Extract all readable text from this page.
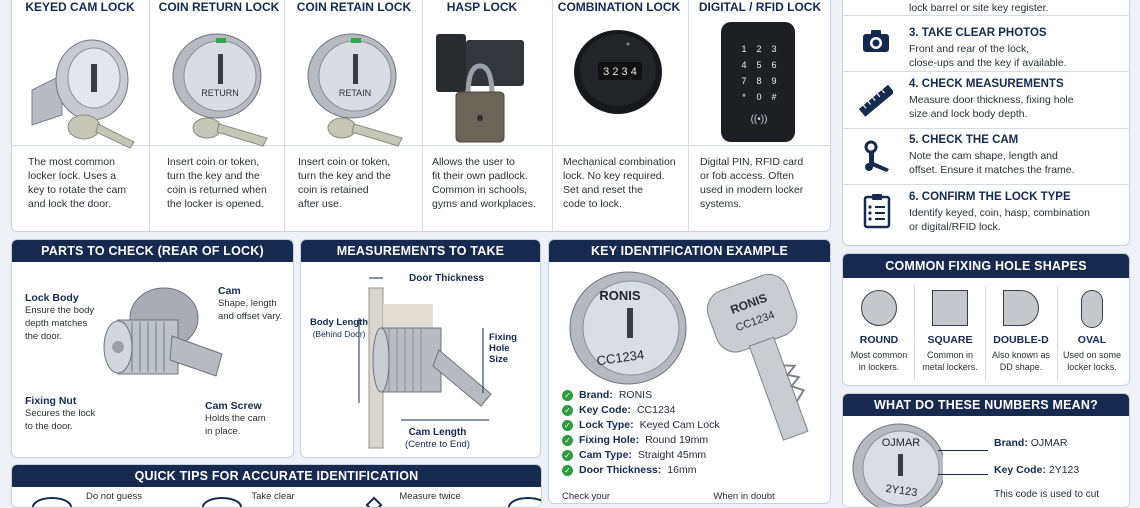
KEYED CAM LOCK
The most common
locker lock. Uses a
key to rotate the cam
and lock the door.
COIN RETURN LOCK
RETURN
Insert coin or token,
turn the key and the
coin is returned when
the locker is opened.
COIN RETAIN LOCK
RETAIN
Insert coin or token,
turn the key and the
coin is retained
after use.
HASP LOCK
Allows the user to
fit their own padlock.
Common in schools,
gyms and workplaces.
COMBINATION LOCK
3 2 3 4
Mechanical combination
lock. No key required.
Set and reset the
code to lock.
DIGITAL / RFID LOCK
1	2	3
4	5	6
7	8	9
*	0	#
((•))
Digital PIN, RFID card
or fob access. Often
used in modern locker
systems.
lock barrel or site key register.
3. TAKE CLEAR PHOTOS
Front and rear of the lock,
close-ups and the key if available.
4. CHECK MEASUREMENTS
Measure door thickness, fixing hole
size and lock body depth.
5. CHECK THE CAM
Note the cam shape, length and
offset. Ensure it matches the frame.
6. CONFIRM THE LOCK TYPE
Identify keyed, coin, hasp, combination
or digital/RFID lock.
PARTS TO CHECK (REAR OF LOCK)
Lock Body
Ensure the body
depth matches
the door.
Cam
Shape, length
and offset vary.
Fixing Nut
Secures the lock
to the door.
Cam Screw
Holds the cam
in place.
MEASUREMENTS TO TAKE
Door Thickness
Body Length
(Behind Door)	Fixing Hole
Size
Cam Length
(Centre to End)
KEY IDENTIFICATION EXAMPLE
RONIS
CC1234
RONIS
CC1234
COMMON FIXING HOLE SHAPES
ROUND
Most common
in lockers.
SQUARE
Common in
metal lockers.
DOUBLE-D
Also known as
DD shape.
OVAL
Used on some
locker locks.
WHAT DO THESE NUMBERS MEAN?
OJMAR
2Y123
Brand: OJMAR
Key Code: 2Y123
This code is used to cut
QUICK TIPS FOR ACCURATE IDENTIFICATION
Do not guess	Take clear	Measure twice	Check your	When in doubt
✓ Brand: RONIS
✓ Key Code: CC1234
✓ Lock Type: Keyed Cam Lock
✓ Fixing Hole: Round 19mm
✓ Cam Type: Straight 45mm
✓ Door Thickness: 16mm
